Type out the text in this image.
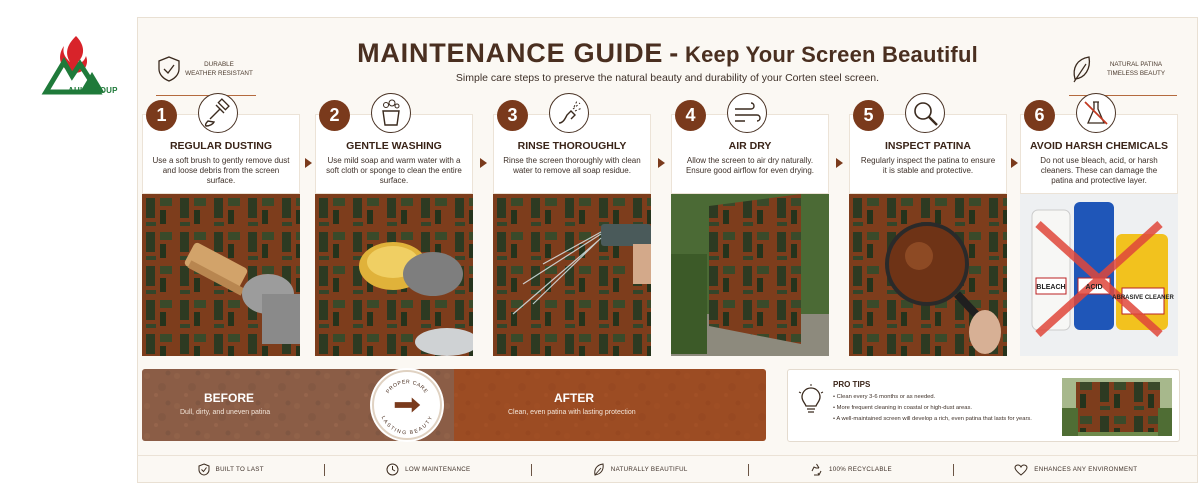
AHL GROUP
DURABLE
WEATHER RESISTANT
NATURAL PATINA
TIMELESS BEAUTY
MAINTENANCE GUIDE - Keep Your Screen Beautiful
Simple care steps to preserve the natural beauty and durability of your Corten steel screen.
1
REGULAR DUSTING
Use a soft brush to gently remove dust and loose debris from the screen surface.
2
GENTLE WASHING
Use mild soap and warm water with a soft cloth or sponge to clean the entire surface.
3
RINSE THOROUGHLY
Rinse the screen thoroughly with clean water to remove all soap residue.
4
AIR DRY
Allow the screen to air dry naturally. Ensure good airflow for even drying.
5
INSPECT PATINA
Regularly inspect the patina to ensure it is stable and protective.
6
AVOID HARSH CHEMICALS
Do not use bleach, acid, or harsh cleaners. These can damage the patina and protective layer.
BLEACH	ACID
ABRASIVE CLEANER
BEFORE
Dull, dirty, and uneven patina
AFTER
Clean, even patina with lasting protection
PROPER CARE
LASTING BEAUTY
PRO TIPS
• Clean every 3-6 months or as needed.
• More frequent cleaning in coastal or high-dust areas.
• A well-maintained screen will develop a rich, even patina that lasts for years.
BUILT TO LAST	LOW MAINTENANCE	NATURALLY BEAUTIFUL	100% RECYCLABLE	ENHANCES ANY ENVIRONMENT
